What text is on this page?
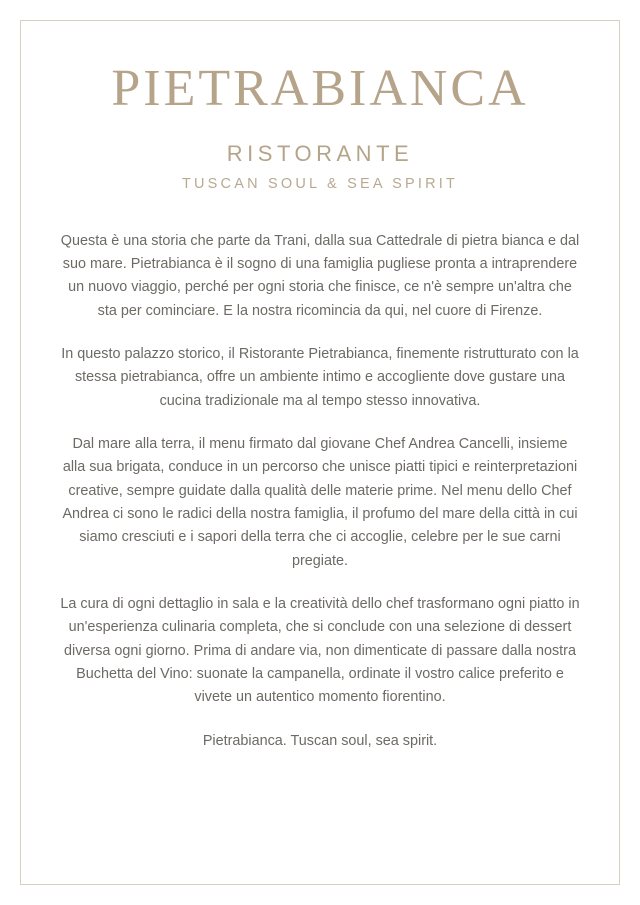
PIETRABIANCA
RISTORANTE
TUSCAN SOUL & SEA SPIRIT

Questa è una storia che parte da Trani, dalla sua Cattedrale di pietra bianca e dal suo mare. Pietrabianca è il sogno di una famiglia pugliese pronta a intraprendere un nuovo viaggio, perché per ogni storia che finisce, ce n'è sempre un'altra che sta per cominciare. E la nostra ricomincia da qui, nel cuore di Firenze.

In questo palazzo storico, il Ristorante Pietrabianca, finemente ristrutturato con la stessa pietrabianca, offre un ambiente intimo e accogliente dove gustare una cucina tradizionale ma al tempo stesso innovativa.

Dal mare alla terra, il menu firmato dal giovane Chef Andrea Cancelli, insieme alla sua brigata, conduce in un percorso che unisce piatti tipici e reinterpretazioni creative, sempre guidate dalla qualità delle materie prime. Nel menu dello Chef Andrea ci sono le radici della nostra famiglia, il profumo del mare della città in cui siamo cresciuti e i sapori della terra che ci accoglie, celebre per le sue carni pregiate.

La cura di ogni dettaglio in sala e la creatività dello chef trasformano ogni piatto in un'esperienza culinaria completa, che si conclude con una selezione di dessert diversa ogni giorno. Prima di andare via, non dimenticate di passare dalla nostra Buchetta del Vino: suonate la campanella, ordinate il vostro calice preferito e vivete un autentico momento fiorentino.

Pietrabianca. Tuscan soul, sea spirit.
